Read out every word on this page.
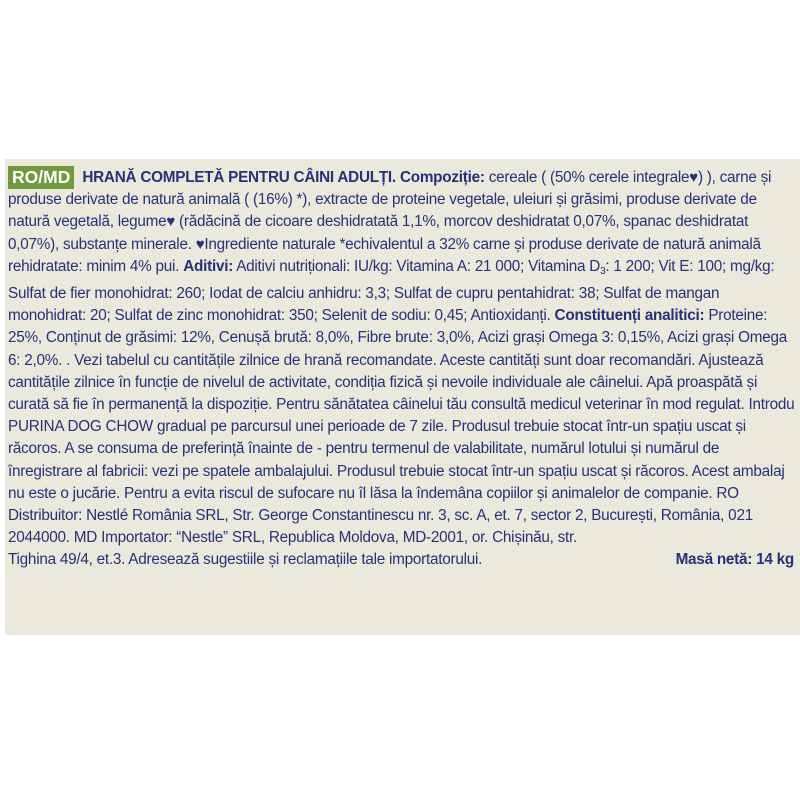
RO/MD HRANĂ COMPLETĂ PENTRU CÂINI ADULȚI. Compoziție: cereale ( (50% cerele integrale♥) ), carne și produse derivate de natură animală ( (16%) *), extracte de proteine vegetale, uleiuri și grăsimi, produse derivate de natură vegetală, legume♥ (rădăcină de cicoare deshidratată 1,1%, morcov deshidratat 0,07%, spanac deshidratat 0,07%), substanțe minerale. ♥Ingrediente naturale *echivalentul a 32% carne și produse derivate de natură animală rehidratate: minim 4% pui. Aditivi: Aditivi nutriționali: IU/kg: Vitamina A: 21 000; Vitamina $D_3$: 1 200; Vit E: 100; mg/kg: Sulfat de fier monohidrat: 260; Iodat de calciu anhidru: 3,3; Sulfat de cupru pentahidrat: 38; Sulfat de mangan monohidrat: 20; Sulfat de zinc monohidrat: 350; Selenit de sodiu: 0,45; Antioxidanți. Constituenți analitici: Proteine: 25%, Conținut de grăsimi: 12%, Cenușă brută: 8,0%, Fibre brute: 3,0%, Acizi grași Omega 3: 0,15%, Acizi grași Omega 6: 2,0%. . Vezi tabelul cu cantitățile zilnice de hrană recomandate. Aceste cantități sunt doar recomandări. Ajustează cantitățile zilnice în funcție de nivelul de activitate, condiția fizică și nevoile individuale ale câinelui. Apă proaspătă și curată să fie în permanență la dispoziție. Pentru sănătatea câinelui tău consultă medicul veterinar în mod regulat. Introdu PURINA DOG CHOW gradual pe parcursul unei perioade de 7 zile. Produsul trebuie stocat într-un spațiu uscat și răcoros. A se consuma de preferință înainte de - pentru termenul de valabilitate, numărul lotului și numărul de înregistrare al fabricii: vezi pe spatele ambalajului. Produsul trebuie stocat într-un spațiu uscat și răcoros. Acest ambalaj nu este o jucărie. Pentru a evita riscul de sufocare nu îl lăsa la îndemâna copiilor și animalelor de companie. RO Distribuitor: Nestlé România SRL, Str. George Constantinescu nr. 3, sc. A, et. 7, sector 2, București, România, 021 2044000. MD Importator: “Nestle” SRL, Republica Moldova, MD-2001, or. Chișinău, str.
Tighina 49/4, et.3. Adresează sugestiile și reclamațiile tale importatorului.	Masă netă: 14 kg
